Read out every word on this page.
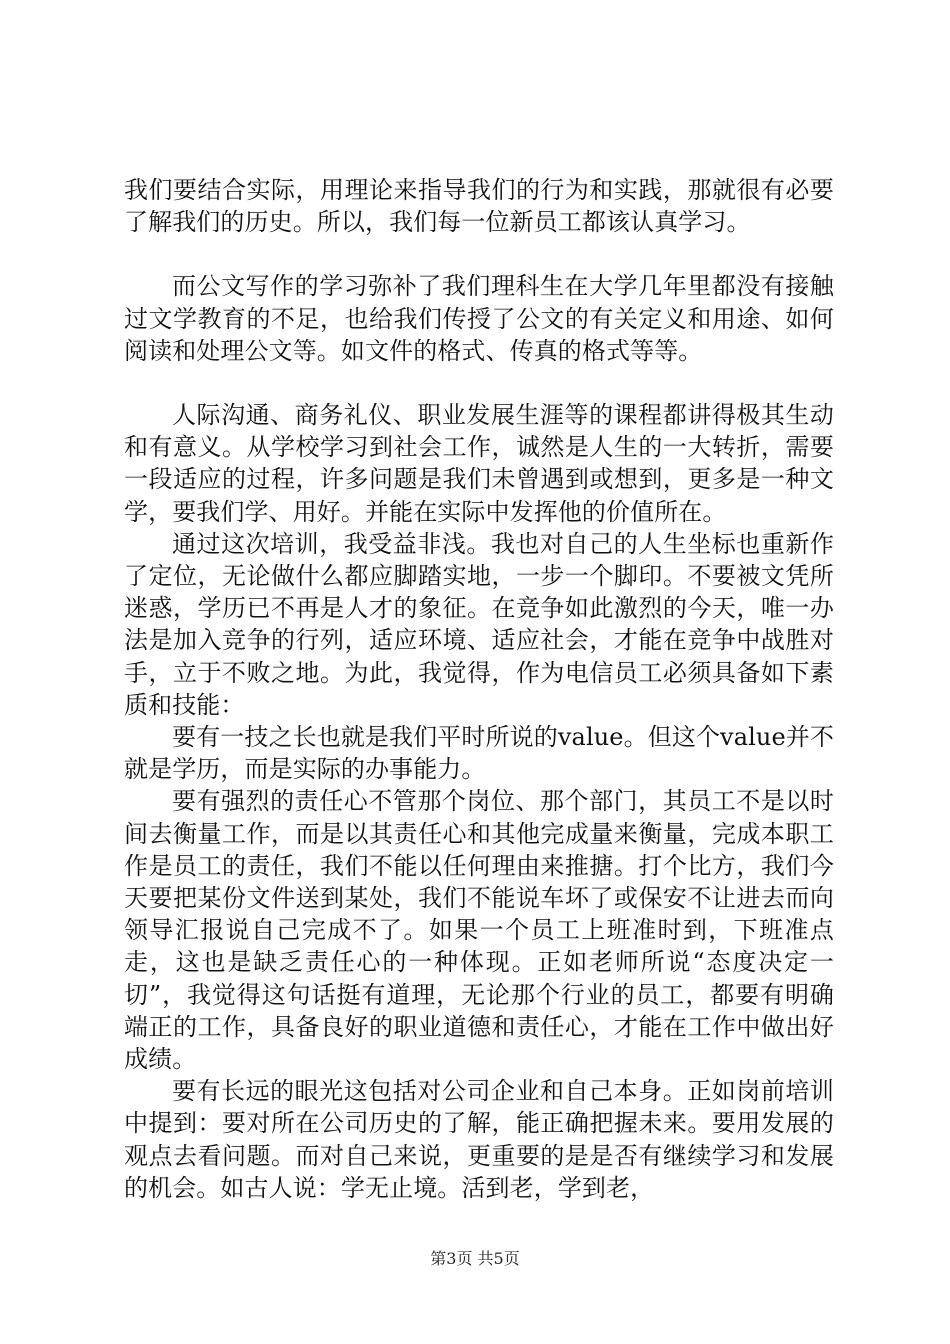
我们要结合实际，用理论来指导我们的行为和实践，那就很有必要了解我们的历史。所以，我们每一位新员工都该认真学习。

而公文写作的学习弥补了我们理科生在大学几年里都没有接触过文学教育的不足，也给我们传授了公文的有关定义和用途、如何阅读和处理公文等。如文件的格式、传真的格式等等。

人际沟通、商务礼仪、职业发展生涯等的课程都讲得极其生动和有意义。从学校学习到社会工作，诚然是人生的一大转折，需要一段适应的过程，许多问题是我们未曾遇到或想到，更多是一种文学，要我们学、用好。并能在实际中发挥他的价值所在。

通过这次培训，我受益非浅。我也对自己的人生坐标也重新作了定位，无论做什么都应脚踏实地，一步一个脚印。不要被文凭所迷惑，学历已不再是人才的象征。在竞争如此激烈的今天，唯一办法是加入竞争的行列，适应环境、适应社会，才能在竞争中战胜对手，立于不败之地。为此，我觉得，作为电信员工必须具备如下素质和技能：

要有一技之长也就是我们平时所说的value。但这个value并不就是学历，而是实际的办事能力。

要有强烈的责任心不管那个岗位、那个部门，其员工不是以时间去衡量工作，而是以其责任心和其他完成量来衡量，完成本职工作是员工的责任，我们不能以任何理由来推搪。打个比方，我们今天要把某份文件送到某处，我们不能说车坏了或保安不让进去而向领导汇报说自己完成不了。如果一个员工上班准时到，下班准点走，这也是缺乏责任心的一种体现。正如老师所说“态度决定一切”，我觉得这句话挺有道理，无论那个行业的员工，都要有明确端正的工作，具备良好的职业道德和责任心，才能在工作中做出好成绩。

要有长远的眼光这包括对公司企业和自己本身。正如岗前培训中提到：要对所在公司历史的了解，能正确把握未来。要用发展的观点去看问题。而对自己来说，更重要的是是否有继续学习和发展的机会。如古人说：学无止境。活到老，学到老，

第3页 共5页
